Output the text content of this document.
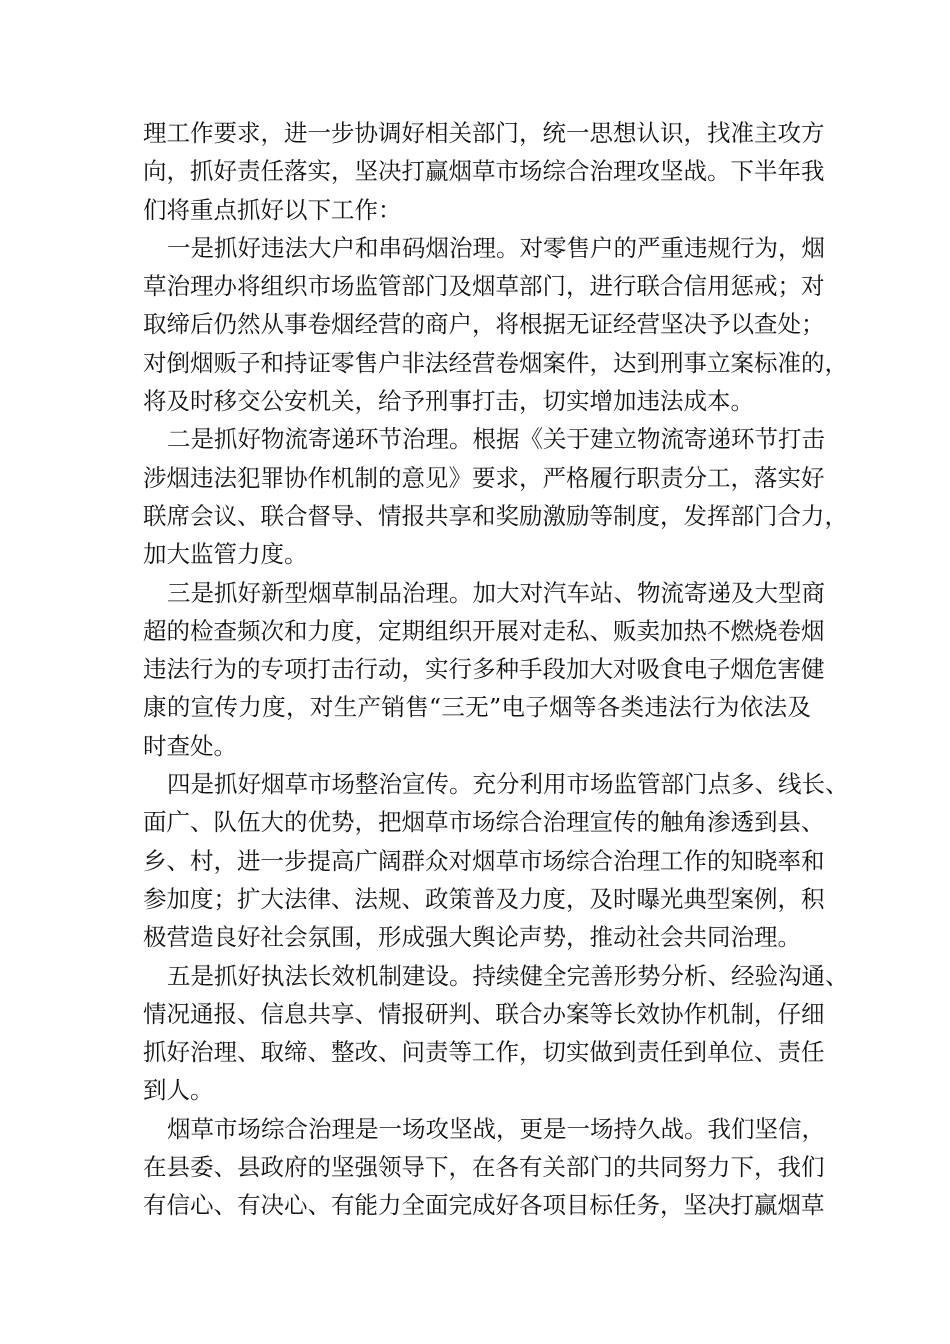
理工作要求，进一步协调好相关部门，统一思想认识，找准主攻方
向，抓好责任落实，坚决打赢烟草市场综合治理攻坚战。下半年我
们将重点抓好以下工作：
一是抓好违法大户和串码烟治理。对零售户的严重违规行为，烟
草治理办将组织市场监管部门及烟草部门，进行联合信用惩戒；对
取缔后仍然从事卷烟经营的商户，将根据无证经营坚决予以查处；
对倒烟贩子和持证零售户非法经营卷烟案件，达到刑事立案标准的，
将及时移交公安机关，给予刑事打击，切实增加违法成本。
二是抓好物流寄递环节治理。根据《关于建立物流寄递环节打击
涉烟违法犯罪协作机制的意见》要求，严格履行职责分工，落实好
联席会议、联合督导、情报共享和奖励激励等制度，发挥部门合力，
加大监管力度。
三是抓好新型烟草制品治理。加大对汽车站、物流寄递及大型商
超的检查频次和力度，定期组织开展对走私、贩卖加热不燃烧卷烟
违法行为的专项打击行动，实行多种手段加大对吸食电子烟危害健
康的宣传力度，对生产销售“三无”电子烟等各类违法行为依法及
时查处。
四是抓好烟草市场整治宣传。充分利用市场监管部门点多、线长、
面广、队伍大的优势，把烟草市场综合治理宣传的触角渗透到县、
乡、村，进一步提高广阔群众对烟草市场综合治理工作的知晓率和
参加度；扩大法律、法规、政策普及力度，及时曝光典型案例，积
极营造良好社会氛围，形成强大舆论声势，推动社会共同治理。
五是抓好执法长效机制建设。持续健全完善形势分析、经验沟通、
情况通报、信息共享、情报研判、联合办案等长效协作机制，仔细
抓好治理、取缔、整改、问责等工作，切实做到责任到单位、责任
到人。
烟草市场综合治理是一场攻坚战，更是一场持久战。我们坚信，
在县委、县政府的坚强领导下，在各有关部门的共同努力下，我们
有信心、有决心、有能力全面完成好各项目标任务，坚决打赢烟草
